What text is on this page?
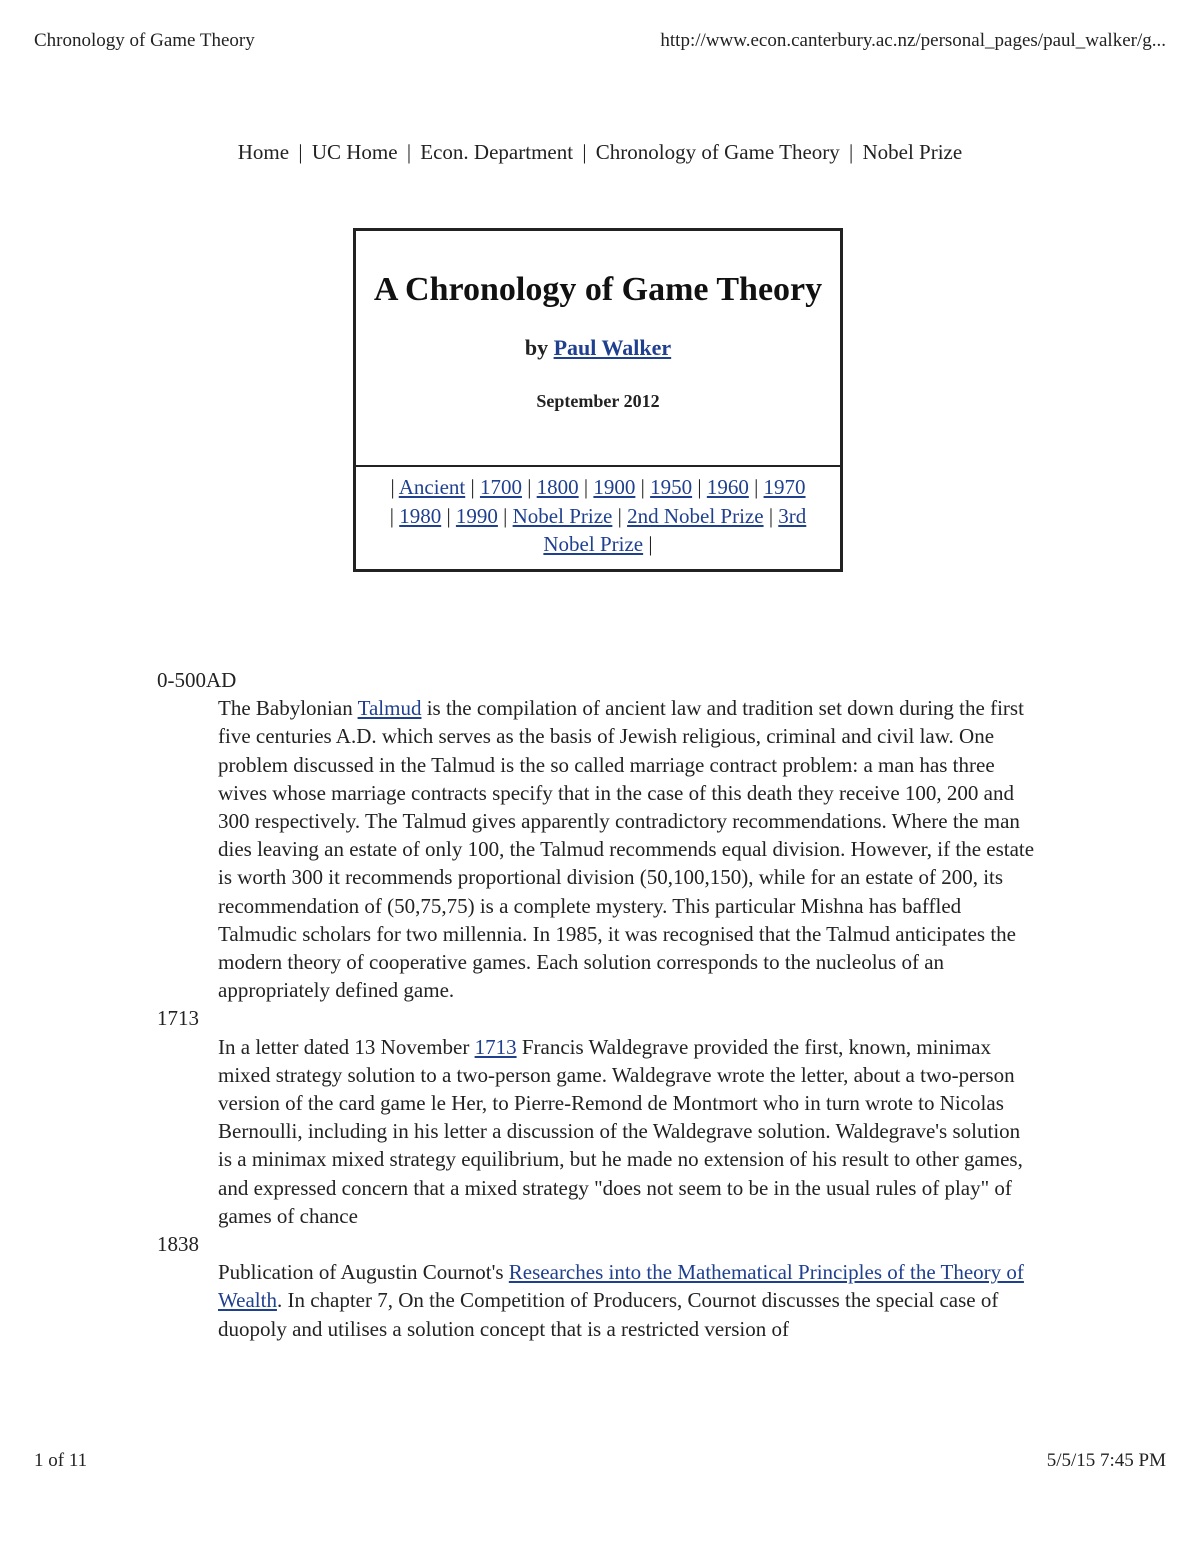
Chronology of Game Theory	http://www.econ.canterbury.ac.nz/personal_pages/paul_walker/g...
Home | UC Home | Econ. Department | Chronology of Game Theory | Nobel Prize
A Chronology of Game Theory
by Paul Walker
September 2012
| Ancient | 1700 | 1800 | 1900 | 1950 | 1960 | 1970
| 1980 | 1990 | Nobel Prize | 2nd Nobel Prize | 3rd Nobel Prize |
0-500AD
The Babylonian Talmud is the compilation of ancient law and tradition set down during the first five centuries A.D. which serves as the basis of Jewish religious, criminal and civil law. One problem discussed in the Talmud is the so called marriage contract problem: a man has three wives whose marriage contracts specify that in the case of this death they receive 100, 200 and 300 respectively. The Talmud gives apparently contradictory recommendations. Where the man dies leaving an estate of only 100, the Talmud recommends equal division. However, if the estate is worth 300 it recommends proportional division (50,100,150), while for an estate of 200, its recommendation of (50,75,75) is a complete mystery. This particular Mishna has baffled Talmudic scholars for two millennia. In 1985, it was recognised that the Talmud anticipates the modern theory of cooperative games. Each solution corresponds to the nucleolus of an appropriately defined game.
1713
In a letter dated 13 November 1713 Francis Waldegrave provided the first, known, minimax mixed strategy solution to a two-person game. Waldegrave wrote the letter, about a two-person version of the card game le Her, to Pierre-Remond de Montmort who in turn wrote to Nicolas Bernoulli, including in his letter a discussion of the Waldegrave solution. Waldegrave's solution is a minimax mixed strategy equilibrium, but he made no extension of his result to other games, and expressed concern that a mixed strategy "does not seem to be in the usual rules of play" of games of chance
1838
Publication of Augustin Cournot's Researches into the Mathematical Principles of the Theory of Wealth. In chapter 7, On the Competition of Producers, Cournot discusses the special case of duopoly and utilises a solution concept that is a restricted version of
1 of 11	5/5/15 7:45 PM
